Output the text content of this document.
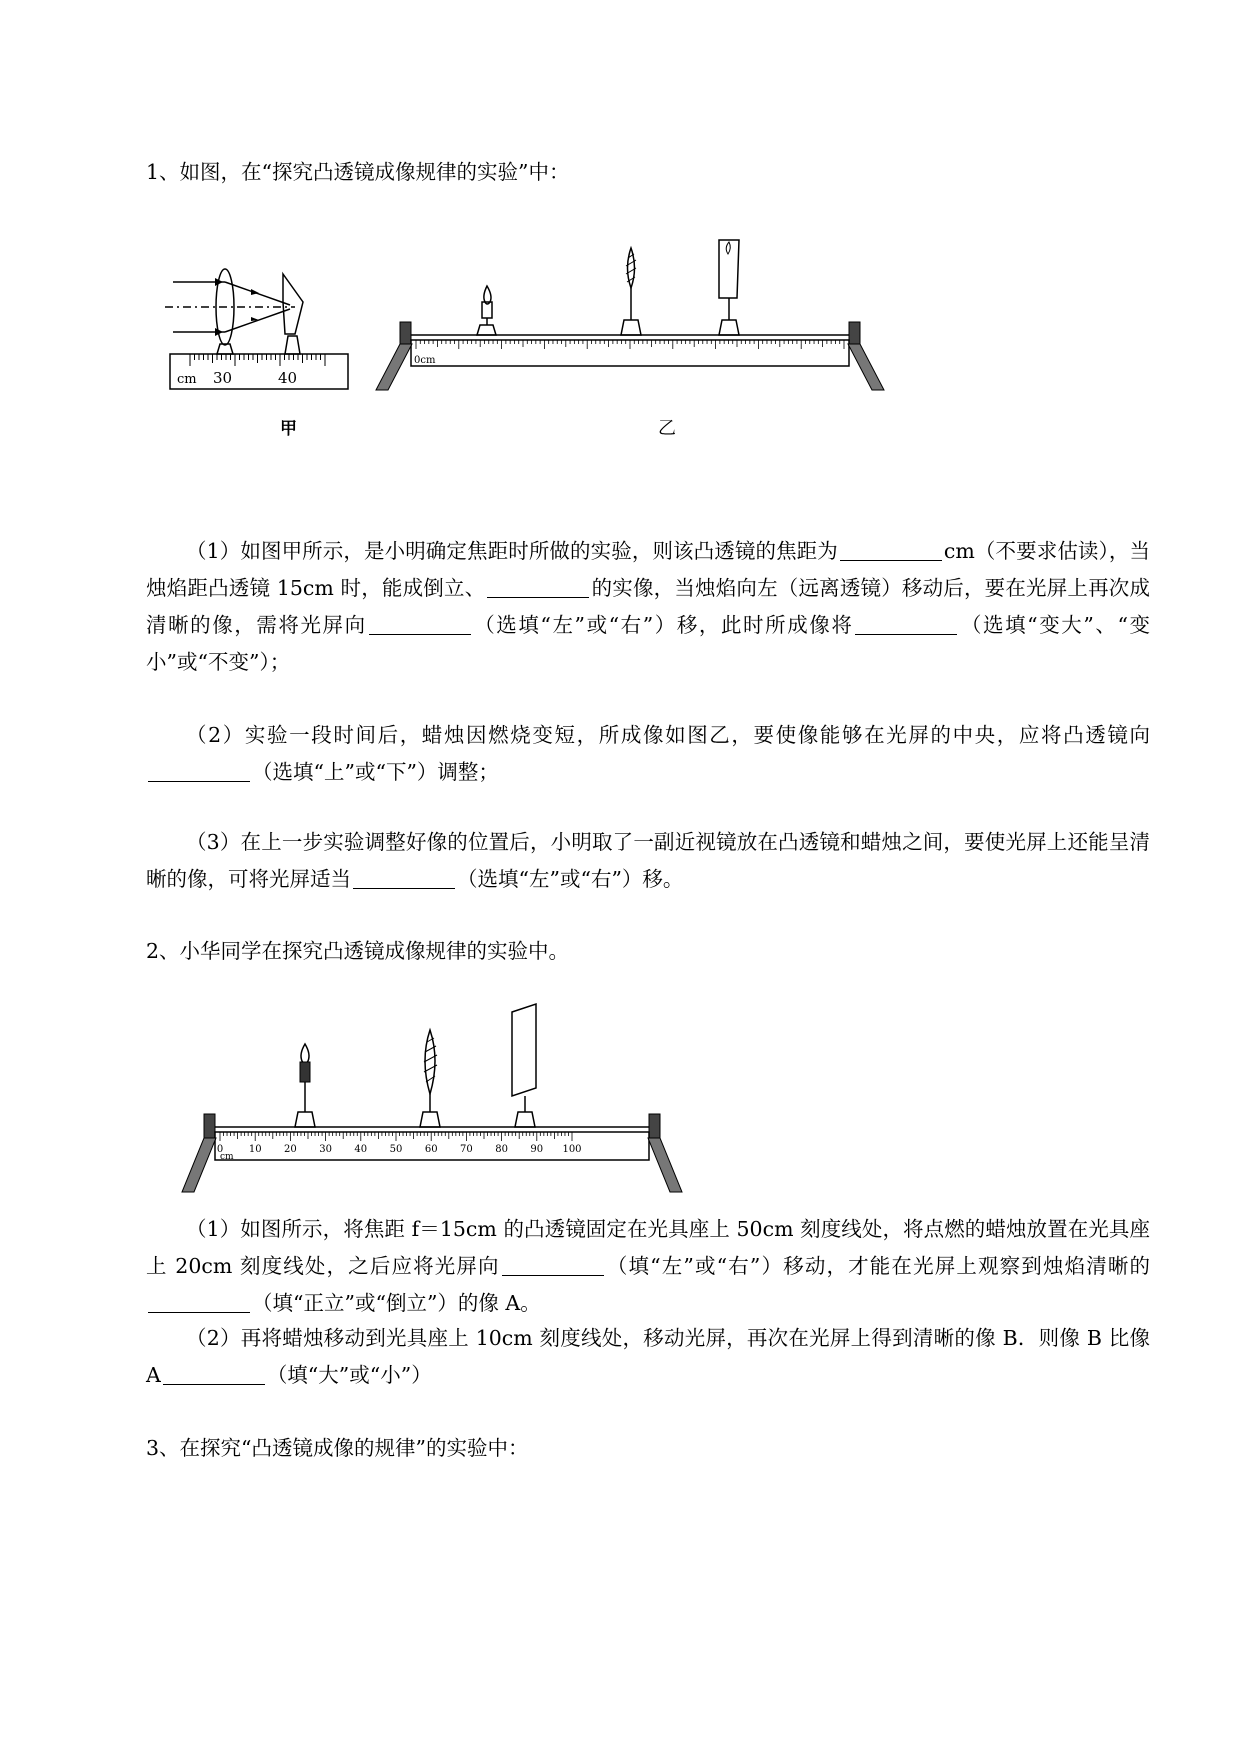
1、如图，在“探究凸透镜成像规律的实验”中：
cm 30	40
甲
0cm
乙
（1）如图甲所示，是小明确定焦距时所做的实验，则该凸透镜的焦距为	cm（不要求估读），当烛焰距凸透镜 15cm 时，能成倒立、	的实像，当烛焰向左（远离透镜）移动后，要在光屏上再次成清晰的像，需将光屏向	（选填“左”或“右”）移，此时所成像将	（选填“变大”、“变小”或“不变”）；
（2）实验一段时间后，蜡烛因燃烧变短，所成像如图乙，要使像能够在光屏的中央，应将凸透镜向（选填“上”或“下”）调整；
（3）在上一步实验调整好像的位置后，小明取了一副近视镜放在凸透镜和蜡烛之间，要使光屏上还能呈清晰的像，可将光屏适当	（选填“左”或“右”）移。
2、小华同学在探究凸透镜成像规律的实验中。
0	10 20 30 40 50 60 70 80 90 100
cm
（1）如图所示，将焦距 f＝15cm 的凸透镜固定在光具座上 50cm 刻度线处，将点燃的蜡烛放置在光具座上 20cm 刻度线处，之后应将光屏向	（填“左”或“右”）移动，才能在光屏上观察到烛焰清晰的（填“正立”或“倒立”）的像 A。
（2）再将蜡烛移动到光具座上 10cm 刻度线处，移动光屏，再次在光屏上得到清晰的像 B．则像 B 比像 A	（填“大”或“小”）
3、在探究“凸透镜成像的规律”的实验中：
